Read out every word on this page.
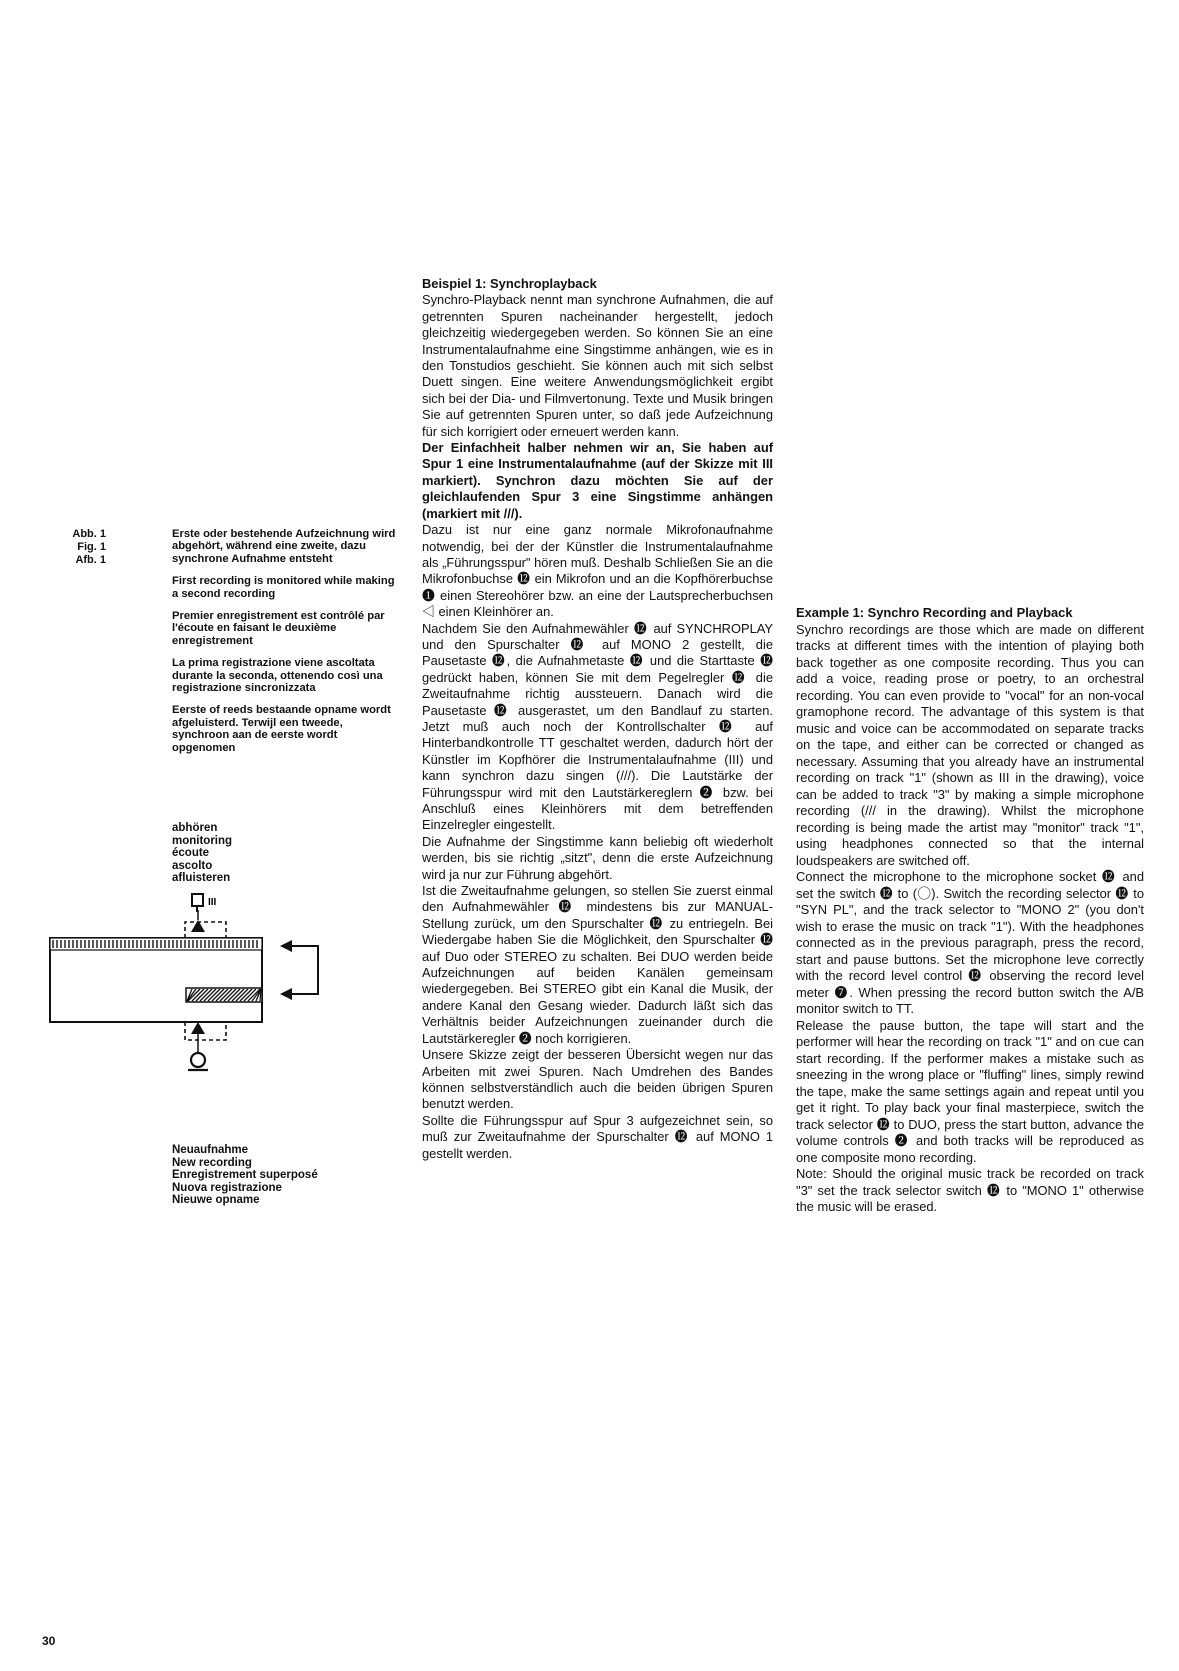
Abb. 1
Fig. 1
Afb. 1

Erste oder bestehende Aufzeichnung wird abgehört, während eine zweite, dazu synchrone Aufnahme entsteht

First recording is monitored while making a second recording

Premier enregistrement est contrôlé par l'écoute en faisant le deuxième enregistrement

La prima registrazione viene ascoltata durante la seconda, ottenendo così una registrazione sincronizzata

Eerste of reeds bestaande opname wordt afgeluisterd. Terwijl een tweede, synchroon aan de eerste wordt opgenomen

abhören
monitoring
écoute
ascolto
afluisteren
III
Neuaufnahme
New recording
Enregistrement superposé
Nuova registrazione
Nieuwe opname

Beispiel 1: Synchroplayback

Synchro-Playback nennt man synchrone Aufnahmen, die auf getrennten Spuren nacheinander hergestellt, jedoch gleichzeitig wiedergegeben werden. So können Sie an eine Instrumentalaufnahme eine Singstimme anhängen, wie es in den Tonstudios geschieht. Sie können auch mit sich selbst Duett singen. Eine weitere Anwendungsmöglichkeit ergibt sich bei der Dia- und Filmvertonung. Texte und Musik bringen Sie auf getrennten Spuren unter, so daß jede Aufzeichnung für sich korrigiert oder erneuert werden kann.

Der Einfachheit halber nehmen wir an, Sie haben auf Spur 1 eine Instrumentalaufnahme (auf der Skizze mit III markiert). Synchron dazu möchten Sie auf der gleichlaufenden Spur 3 eine Singstimme anhängen (markiert mit ///).

Dazu ist nur eine ganz normale Mikrofonaufnahme notwendig, bei der der Künstler die Instrumentalaufnahme als „Führungsspur" hören muß. Deshalb Schließen Sie an die Mikrofonbuchse ⓬ ein Mikrofon und an die Kopfhörerbuchse ❶ einen Stereohörer bzw. an eine der Lautsprecherbuchsen ◁ einen Kleinhörer an.

Nachdem Sie den Aufnahmewähler ⓬ auf SYNCHROPLAY und den Spurschalter ⓬ auf MONO 2 gestellt, die Pausetaste ⓬, die Aufnahmetaste ⓬ und die Starttaste ⓬ gedrückt haben, können Sie mit dem Pegelregler ⓬ die Zweitaufnahme richtig aussteuern. Danach wird die Pausetaste ⓬ ausgerastet, um den Bandlauf zu starten. Jetzt muß auch noch der Kontrollschalter ⓬ auf Hinterbandkontrolle TT geschaltet werden, dadurch hört der Künstler im Kopfhörer die Instrumentalaufnahme (III) und kann synchron dazu singen (///). Die Lautstärke der Führungsspur wird mit den Lautstärkereglern ❷ bzw. bei Anschluß eines Kleinhörers mit dem betreffenden Einzelregler eingestellt.

Die Aufnahme der Singstimme kann beliebig oft wiederholt werden, bis sie richtig „sitzt", denn die erste Aufzeichnung wird ja nur zur Führung abgehört.

Ist die Zweitaufnahme gelungen, so stellen Sie zuerst einmal den Aufnahmewähler ⓬ mindestens bis zur MANUAL-Stellung zurück, um den Spurschalter ⓬ zu entriegeln. Bei Wiedergabe haben Sie die Möglichkeit, den Spurschalter ⓬ auf Duo oder STEREO zu schalten. Bei DUO werden beide Aufzeichnungen auf beiden Kanälen gemeinsam wiedergegeben. Bei STEREO gibt ein Kanal die Musik, der andere Kanal den Gesang wieder. Dadurch läßt sich das Verhältnis beider Aufzeichnungen zueinander durch die Lautstärkeregler ❷ noch korrigieren.

Unsere Skizze zeigt der besseren Übersicht wegen nur das Arbeiten mit zwei Spuren. Nach Umdrehen des Bandes können selbstverständlich auch die beiden übrigen Spuren benutzt werden.

Sollte die Führungsspur auf Spur 3 aufgezeichnet sein, so muß zur Zweitaufnahme der Spurschalter ⓬ auf MONO 1 gestellt werden.

Example 1: Synchro Recording and Playback

Synchro recordings are those which are made on different tracks at different times with the intention of playing both back together as one composite recording. Thus you can add a voice, reading prose or poetry, to an orchestral recording. You can even provide to "vocal" for an non-vocal gramophone record. The advantage of this system is that music and voice can be accommodated on separate tracks on the tape, and either can be corrected or changed as necessary. Assuming that you already have an instrumental recording on track "1" (shown as III in the drawing), voice can be added to track "3" by making a simple microphone recording (/// in the drawing). Whilst the microphone recording is being made the artist may "monitor" track "1", using headphones connected so that the internal loudspeakers are switched off.

Connect the microphone to the microphone socket ⓬ and set the switch ⓬ to (◯). Switch the recording selector ⓬ to "SYN PL", and the track selector to "MONO 2" (you don't wish to erase the music on track "1"). With the headphones connected as in the previous paragraph, press the record, start and pause buttons. Set the microphone leve correctly with the record level control ⓬ observing the record level meter ❼. When pressing the record button switch the A/B monitor switch to TT.

Release the pause button, the tape will start and the performer will hear the recording on track "1" and on cue can start recording. If the performer makes a mistake such as sneezing in the wrong place or "fluffing" lines, simply rewind the tape, make the same settings again and repeat until you get it right. To play back your final masterpiece, switch the track selector ⓬ to DUO, press the start button, advance the volume controls ❷ and both tracks will be reproduced as one composite mono recording.

Note: Should the original music track be recorded on track "3" set the track selector switch ⓬ to "MONO 1" otherwise the music will be erased.

30
